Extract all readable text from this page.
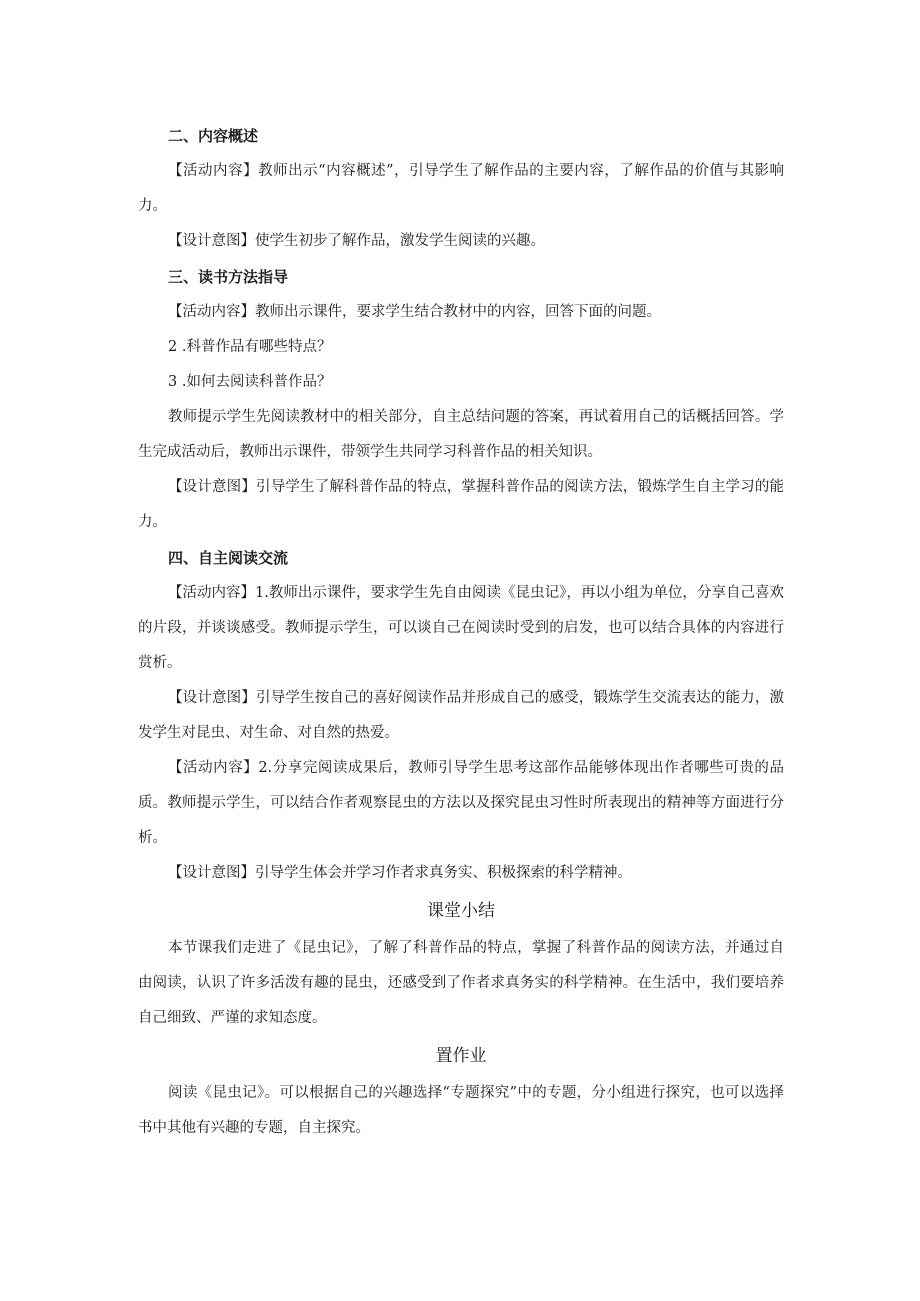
二、内容概述

【活动内容】教师出示“内容概述”，引导学生了解作品的主要内容，了解作品的价值与其影响力。

【设计意图】使学生初步了解作品，激发学生阅读的兴趣。

三、读书方法指导

【活动内容】教师出示课件，要求学生结合教材中的内容，回答下面的问题。

2 .科普作品有哪些特点？

3 .如何去阅读科普作品？

教师提示学生先阅读教材中的相关部分，自主总结问题的答案，再试着用自己的话概括回答。学生完成活动后，教师出示课件，带领学生共同学习科普作品的相关知识。

【设计意图】引导学生了解科普作品的特点，掌握科普作品的阅读方法，锻炼学生自主学习的能力。

四、自主阅读交流

【活动内容】1.教师出示课件，要求学生先自由阅读《昆虫记》，再以小组为单位，分享自己喜欢的片段，并谈谈感受。教师提示学生，可以谈自己在阅读时受到的启发，也可以结合具体的内容进行赏析。

【设计意图】引导学生按自己的喜好阅读作品并形成自己的感受，锻炼学生交流表达的能力，激发学生对昆虫、对生命、对自然的热爱。

【活动内容】2.分享完阅读成果后，教师引导学生思考这部作品能够体现出作者哪些可贵的品质。教师提示学生，可以结合作者观察昆虫的方法以及探究昆虫习性时所表现出的精神等方面进行分析。

【设计意图】引导学生体会并学习作者求真务实、积极探索的科学精神。

课堂小结

本节课我们走进了《昆虫记》，了解了科普作品的特点，掌握了科普作品的阅读方法，并通过自由阅读，认识了许多活泼有趣的昆虫，还感受到了作者求真务实的科学精神。在生活中，我们要培养自己细致、严谨的求知态度。

置作业

阅读《昆虫记》。可以根据自己的兴趣选择“专题探究”中的专题，分小组进行探究，也可以选择书中其他有兴趣的专题，自主探究。
